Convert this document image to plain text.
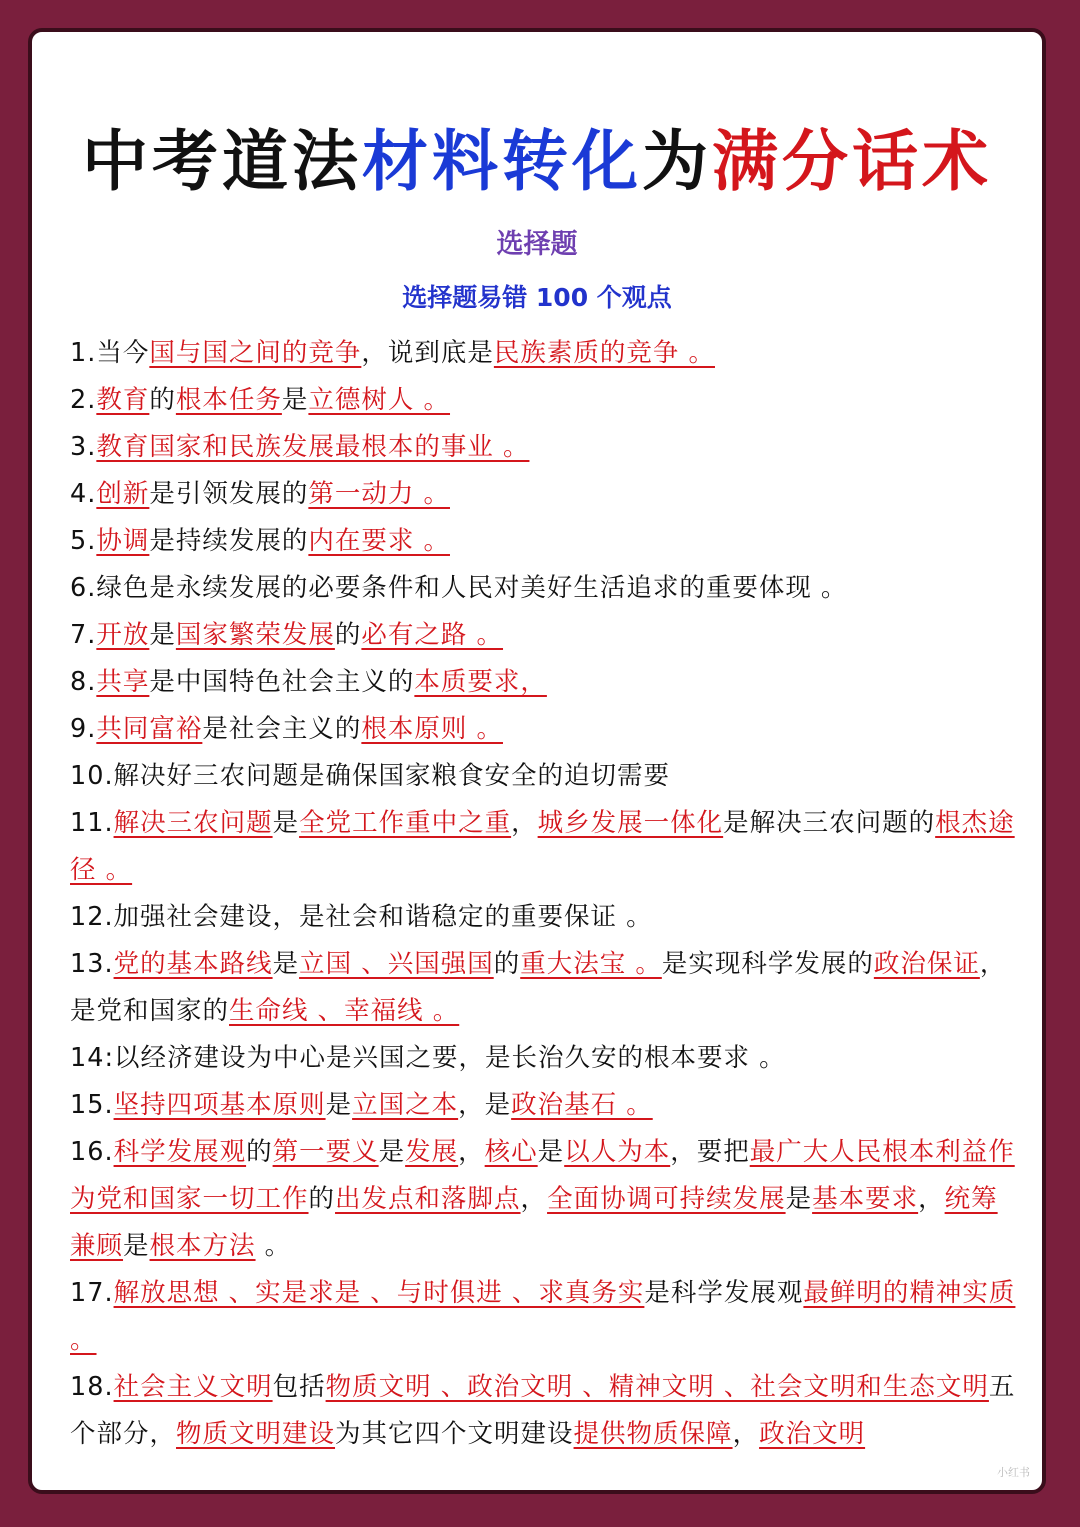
中考道法材料转化为满分话术
选择题
选择题易错 100 个观点
1.当今国与国之间的竞争，说到底是民族素质的竞争 。
2.教育的根本任务是立德树人 。
3.教育国家和民族发展最根本的事业 。
4.创新是引领发展的第一动力 。
5.协调是持续发展的内在要求 。
6.绿色是永续发展的必要条件和人民对美好生活追求的重要体现 。
7.开放是国家繁荣发展的必有之路 。
8.共享是中国特色社会主义的本质要求，
9.共同富裕是社会主义的根本原则 。
10.解决好三农问题是确保国家粮食安全的迫切需要
11.解决三农问题是全党工作重中之重，城乡发展一体化是解决三农问题的根杰途径 。
12.加强社会建设，是社会和谐稳定的重要保证 。
13.党的基本路线是立国 、兴国强国的重大法宝 。是实现科学发展的政治保证，是党和国家的生命线 、幸福线 。
14:以经济建设为中心是兴国之要，是长治久安的根本要求 。
15.坚持四项基本原则是立国之本，是政治基石 。
16.科学发展观的第一要义是发展，核心是以人为本，要把最广大人民根本利益作为党和国家一切工作的出发点和落脚点，全面协调可持续发展是基本要求，统筹兼顾是根本方法 。
17.解放思想 、实是求是 、与时俱进 、求真务实是科学发展观最鲜明的精神实质 。
18.社会主义文明包括物质文明 、政治文明 、精神文明 、社会文明和生态文明五个部分，物质文明建设为其它四个文明建设提供物质保障，政治文明
小红书
